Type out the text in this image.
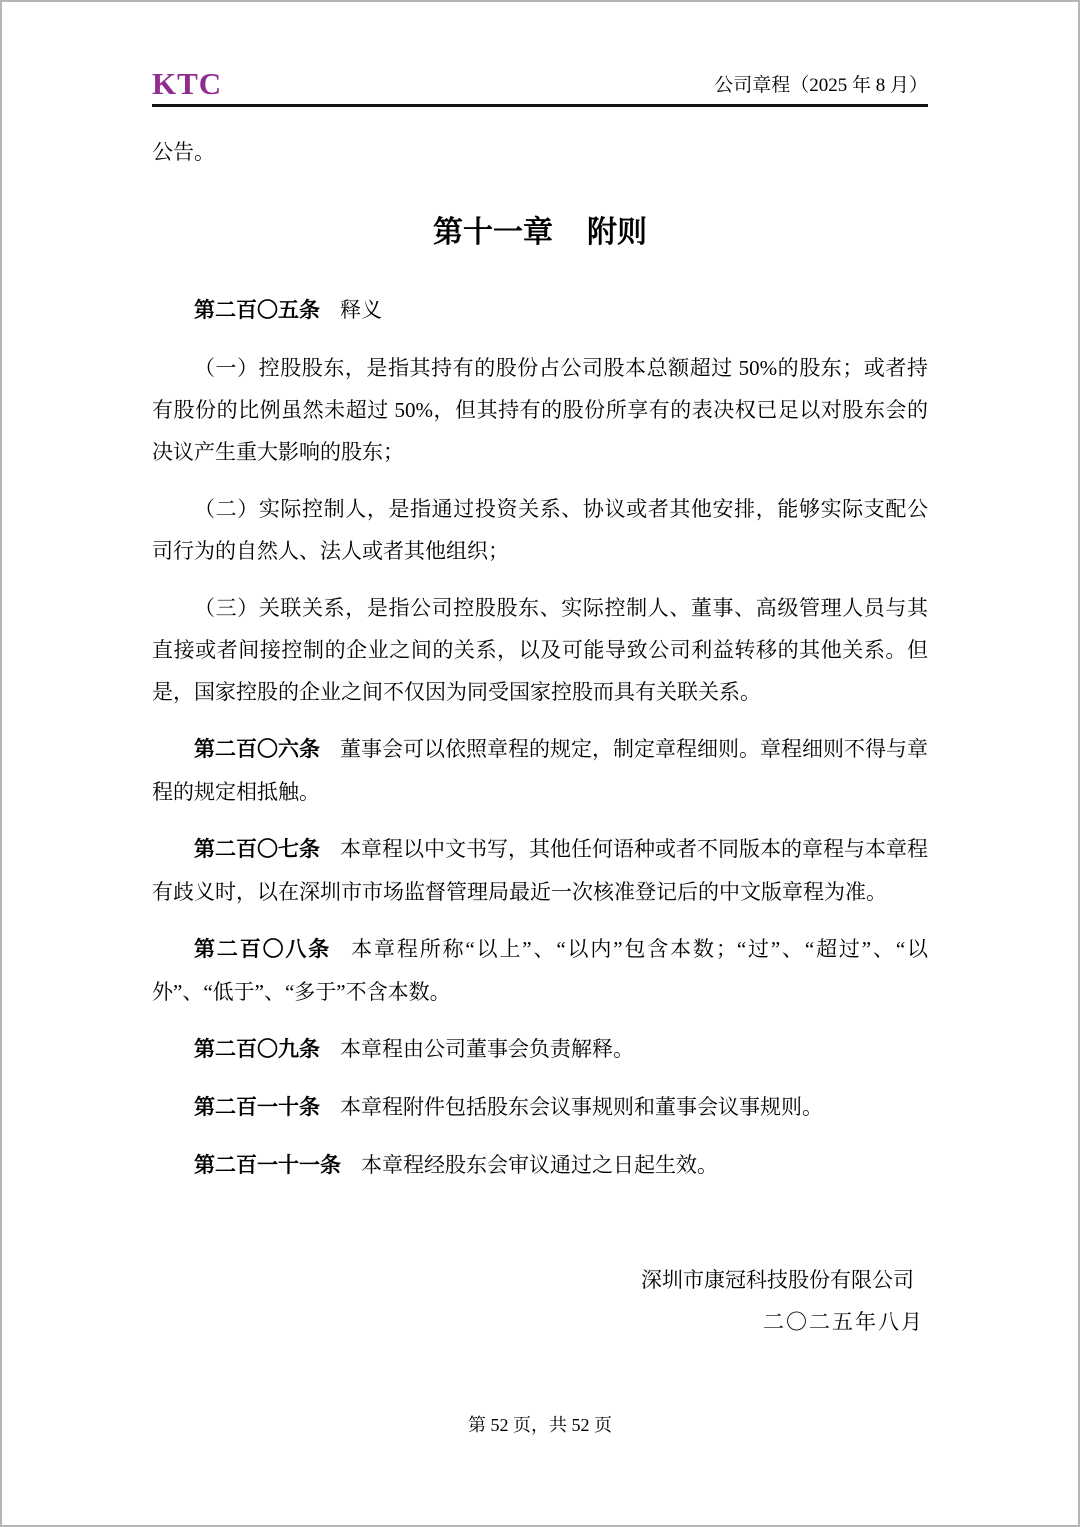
KTC	公司章程（2025 年 8 月）

公告。

第十一章 附则

第二百〇五条 释义

（一）控股股东，是指其持有的股份占公司股本总额超过 50%的股东；或者持有股份的比例虽然未超过 50%，但其持有的股份所享有的表决权已足以对股东会的决议产生重大影响的股东；

（二）实际控制人，是指通过投资关系、协议或者其他安排，能够实际支配公司行为的自然人、法人或者其他组织；

（三）关联关系，是指公司控股股东、实际控制人、董事、高级管理人员与其直接或者间接控制的企业之间的关系，以及可能导致公司利益转移的其他关系。但是，国家控股的企业之间不仅因为同受国家控股而具有关联关系。

第二百〇六条 董事会可以依照章程的规定，制定章程细则。章程细则不得与章程的规定相抵触。

第二百〇七条 本章程以中文书写，其他任何语种或者不同版本的章程与本章程有歧义时，以在深圳市市场监督管理局最近一次核准登记后的中文版章程为准。

第二百〇八条 本章程所称“以上”、“以内”包含本数；“过”、“超过”、“以外”、“低于”、“多于”不含本数。

第二百〇九条 本章程由公司董事会负责解释。

第二百一十条 本章程附件包括股东会议事规则和董事会议事规则。

第二百一十一条 本章程经股东会审议通过之日起生效。

深圳市康冠科技股份有限公司

二〇二五年八月

第 52 页，共 52 页
